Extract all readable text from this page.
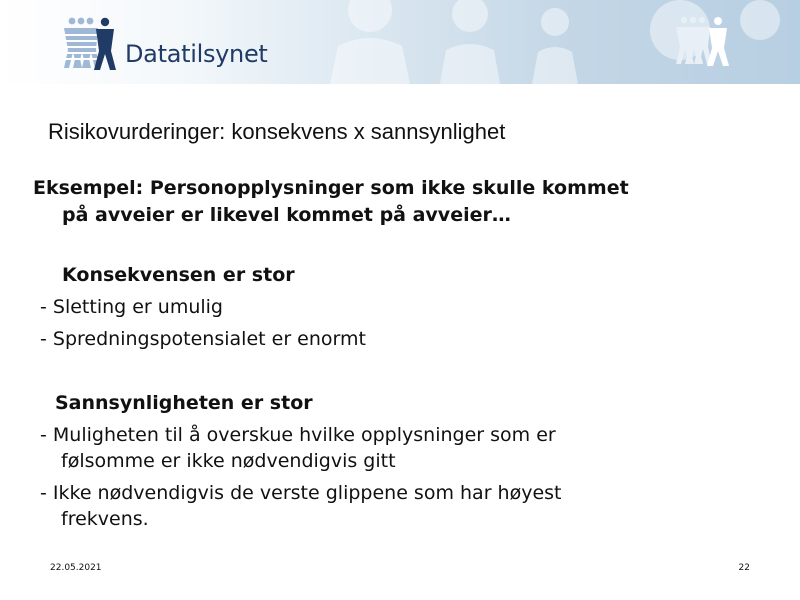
Datatilsynet
Risikovurderinger: konsekvens x sannsynlighet
Eksempel: Personopplysninger som ikke skulle kommet
på avveier er likevel kommet på avveier…
Konsekvensen er stor
- Sletting er umulig
- Spredningspotensialet er enormt
Sannsynligheten er stor
- Muligheten til å overskue hvilke opplysninger som er
følsomme er ikke nødvendigvis gitt
- Ikke nødvendigvis de verste glippene som har høyest
frekvens.
22.05.2021	22
